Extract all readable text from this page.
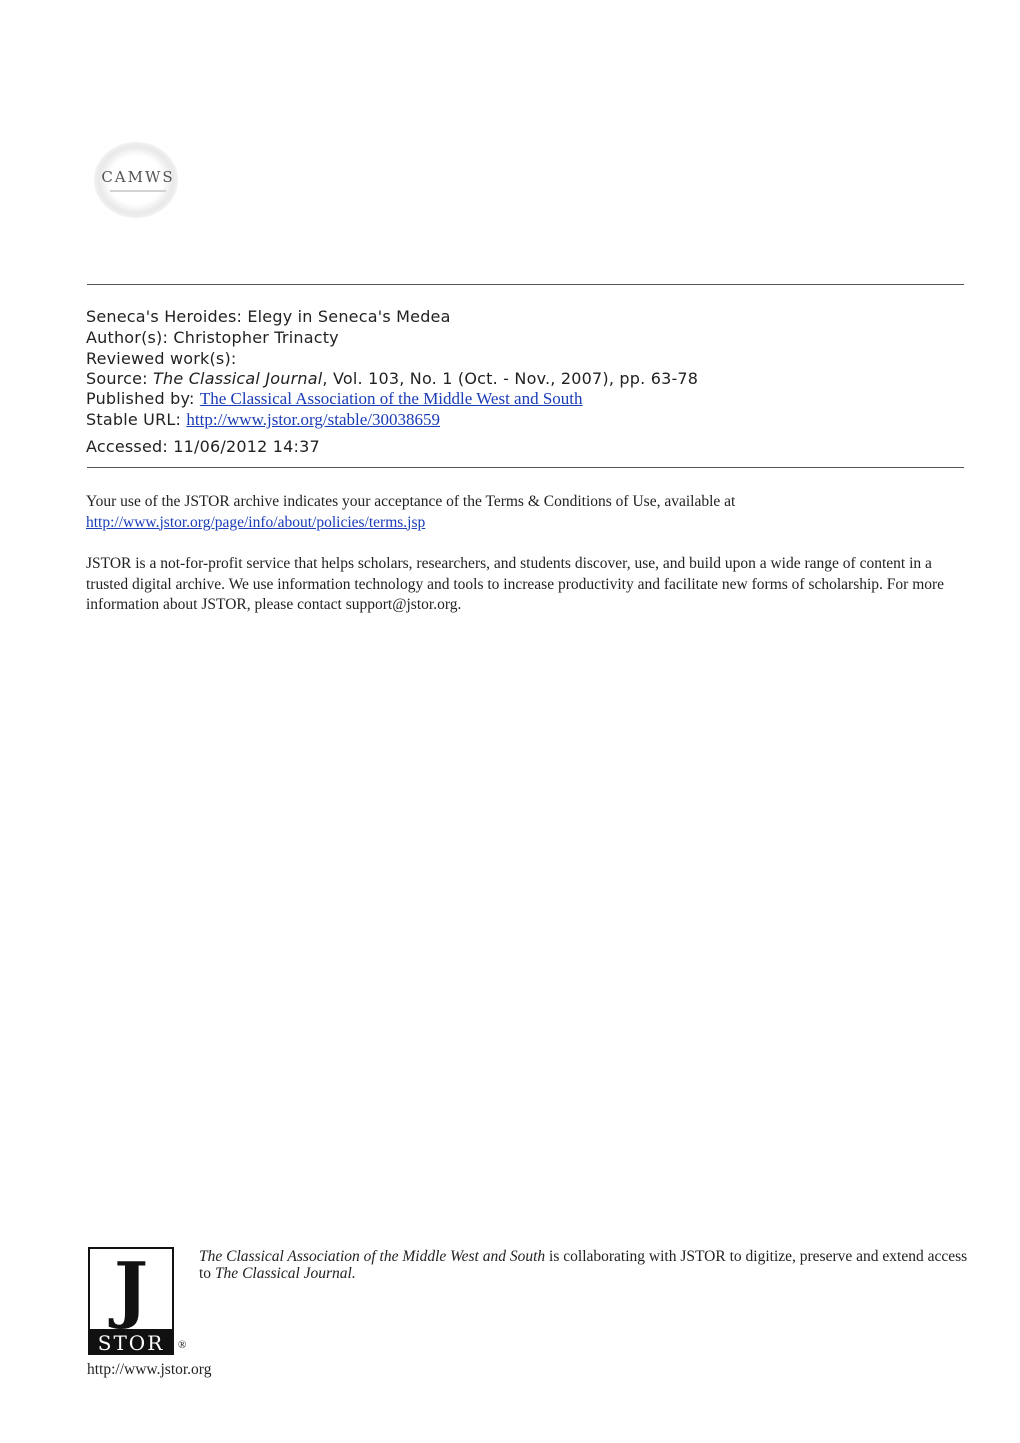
CAMWS
Seneca's Heroides: Elegy in Seneca's Medea
Author(s): Christopher Trinacty
Reviewed work(s):
Source: The Classical Journal, Vol. 103, No. 1 (Oct. - Nov., 2007), pp. 63-78
Published by: The Classical Association of the Middle West and South
Stable URL: http://www.jstor.org/stable/30038659
Accessed: 11/06/2012 14:37
Your use of the JSTOR archive indicates your acceptance of the Terms & Conditions of Use, available at
http://www.jstor.org/page/info/about/policies/terms.jsp
JSTOR is a not-for-profit service that helps scholars, researchers, and students discover, use, and build upon a wide range of content in a trusted digital archive. We use information technology and tools to increase productivity and facilitate new forms of scholarship. For more information about JSTOR, please contact support@jstor.org.
J
STOR	®
The Classical Association of the Middle West and South is collaborating with JSTOR to digitize, preserve and extend access to The Classical Journal.
http://www.jstor.org
